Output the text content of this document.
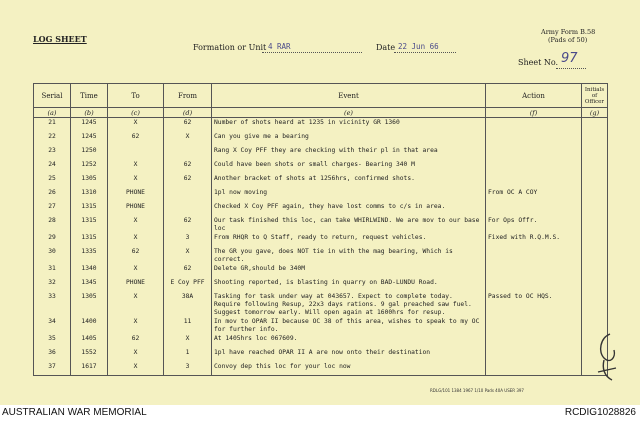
LOG SHEET
Army Form B.58
(Pads of 50)
Formation or Unit 4 RAR	Date 22 Jun 66
Sheet No. 97
Serial	Time	To	From	Event	Action	Initials of Officer
(a)	(b)	(c)	(d)	(e)	(f)	(g)
21	1245	X	62	Number of shots heard at 1235 in vicinity GR 1360		
22	1245	62	X	Can you give me a bearing		
23	1250			Rang X Coy PFF they are checking with their pl in that area		
24	1252	X	62	Could have been shots or small charges- Bearing 340 M		
25	1305	X	62	Another bracket of shots at 1256hrs, confirmed shots.		
26	1310	PHONE		1pl now moving	From OC A COY	
27	1315	PHONE		Checked X Coy PFF again, they have lost comms to c/s in area.		
28	1315	X	62	Our task finished this loc, can take WHIRLWIND. We are mov to our base loc	For Ops Offr.	
29	1315	X	3	From RHQR to Q Staff, ready to return, request vehicles.	Fixed with R.Q.M.S.	
30	1335	62	X	The GR you gave, does NOT tie in with the mag bearing, Which is correct.		
31	1340	X	62	Delete GR,should be 340M		
32	1345	PHONE	E Coy PFF	Shooting reported, is blasting in quarry on BAD-LUNDU Road.		
33	1305	X	38A	Tasking for task under way at 043657. Expect to complete today. Require following Resup, 22x3 days rations. 9 gal preached saw fuel. Suggest tomorrow early. Will open again at 1600hrs for resup.	Passed to OC HQS.	
34	1400	X	11	In mov to OPAR II because OC 38 of this area, wishes to speak to my OC for further info.		
35	1405	62	X	At 1405hrs loc 067609.		
36	1552	X	1	1pl have reached OPAR II A are now onto their destination		
37	1617	X	3	Convoy dep this loc for your loc now		
RDLG/101 1384 1967 1/10 Pads 40A USER 397
AUSTRALIAN WAR MEMORIAL	RCDIG1028826
